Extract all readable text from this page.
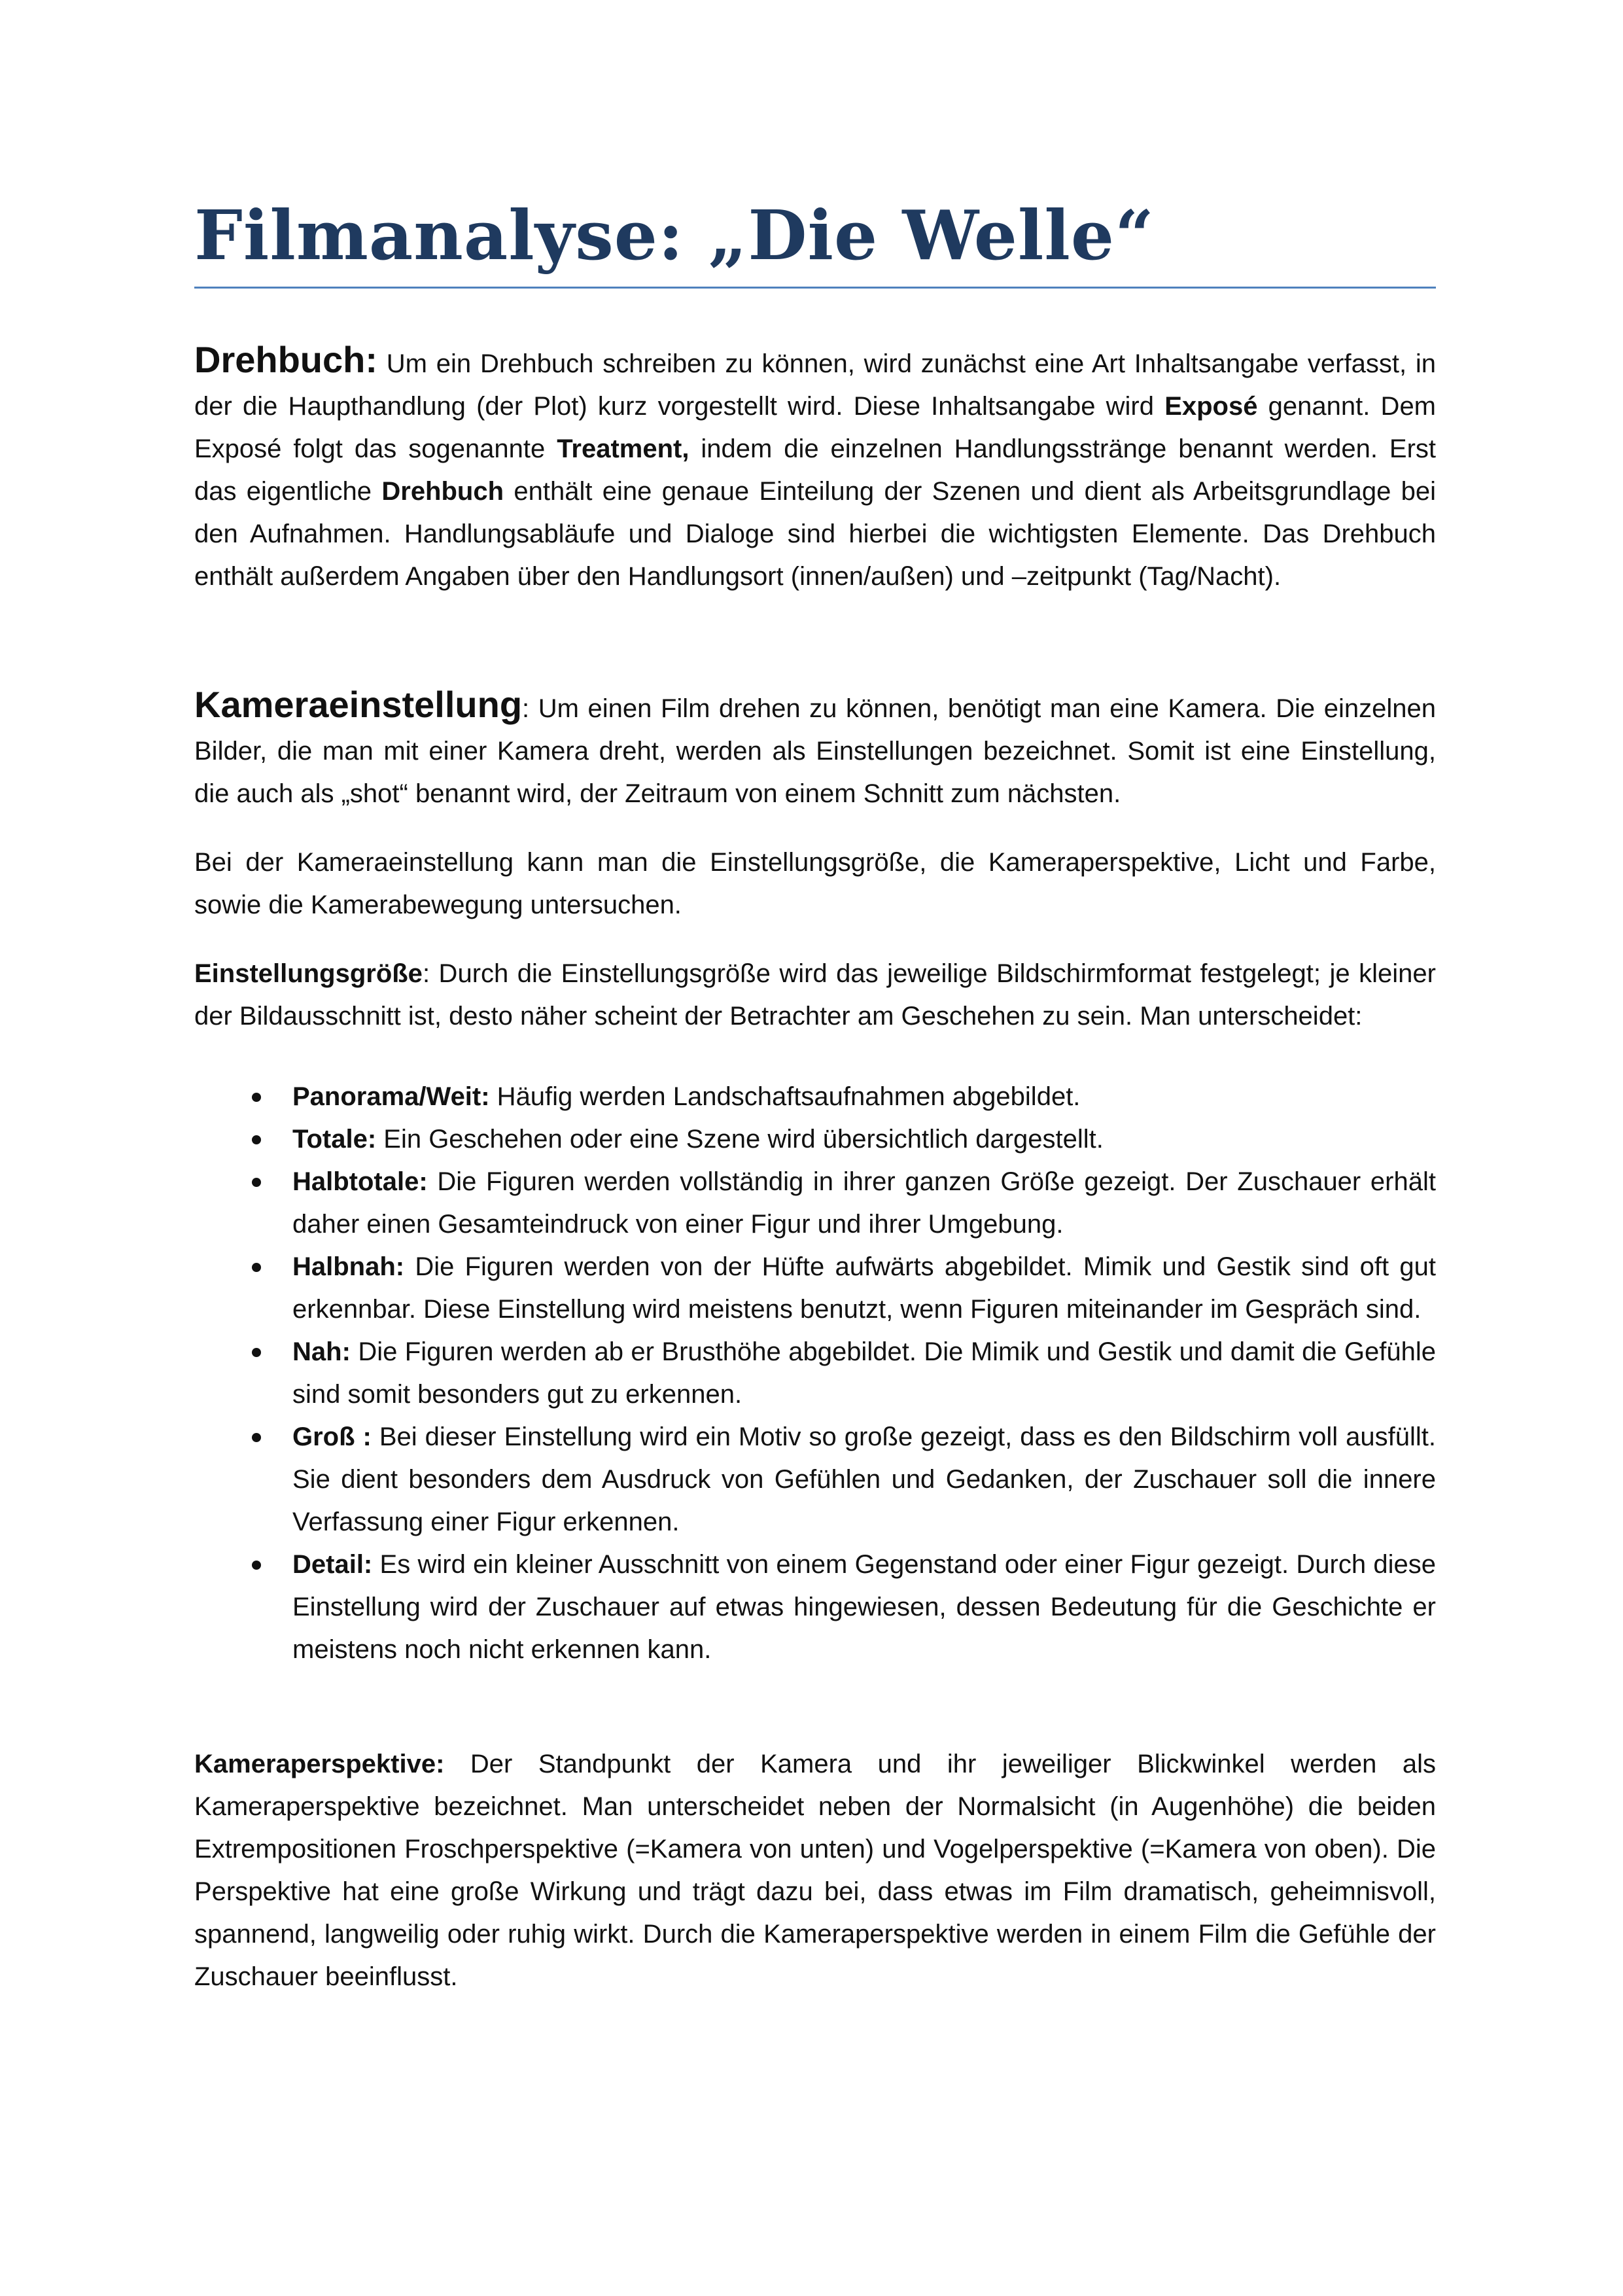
Filmanalyse: „Die Welle“

Drehbuch: Um ein Drehbuch schreiben zu können, wird zunächst eine Art Inhaltsangabe verfasst, in der die Haupthandlung (der Plot) kurz vorgestellt wird. Diese Inhaltsangabe wird Exposé genannt. Dem Exposé folgt das sogenannte Treatment, indem die einzelnen Handlungsstränge benannt werden. Erst das eigentliche Drehbuch enthält eine genaue Einteilung der Szenen und dient als Arbeitsgrundlage bei den Aufnahmen. Handlungsabläufe und Dialoge sind hierbei die wichtigsten Elemente. Das Drehbuch enthält außerdem Angaben über den Handlungsort (innen/außen) und –zeitpunkt (Tag/Nacht).

Kameraeinstellung: Um einen Film drehen zu können, benötigt man eine Kamera. Die einzelnen Bilder, die man mit einer Kamera dreht, werden als Einstellungen bezeichnet. Somit ist eine Einstellung, die auch als „shot“ benannt wird, der Zeitraum von einem Schnitt zum nächsten.

Bei der Kameraeinstellung kann man die Einstellungsgröße, die Kameraperspektive, Licht und Farbe, sowie die Kamerabewegung untersuchen.

Einstellungsgröße: Durch die Einstellungsgröße wird das jeweilige Bildschirmformat festgelegt; je kleiner der Bildausschnitt ist, desto näher scheint der Betrachter am Geschehen zu sein. Man unterscheidet:

Panorama/Weit: Häufig werden Landschaftsaufnahmen abgebildet.
Totale: Ein Geschehen oder eine Szene wird übersichtlich dargestellt.
Halbtotale: Die Figuren werden vollständig in ihrer ganzen Größe gezeigt. Der Zuschauer erhält daher einen Gesamteindruck von einer Figur und ihrer Umgebung.
Halbnah: Die Figuren werden von der Hüfte aufwärts abgebildet. Mimik und Gestik sind oft gut erkennbar. Diese Einstellung wird meistens benutzt, wenn Figuren miteinander im Gespräch sind.
Nah: Die Figuren werden ab er Brusthöhe abgebildet. Die Mimik und Gestik und damit die Gefühle sind somit besonders gut zu erkennen.
Groß : Bei dieser Einstellung wird ein Motiv so große gezeigt, dass es den Bildschirm voll ausfüllt. Sie dient besonders dem Ausdruck von Gefühlen und Gedanken, der Zuschauer soll die innere Verfassung einer Figur erkennen.
Detail: Es wird ein kleiner Ausschnitt von einem Gegenstand oder einer Figur gezeigt. Durch diese Einstellung wird der Zuschauer auf etwas hingewiesen, dessen Bedeutung für die Geschichte er meistens noch nicht erkennen kann.

Kameraperspektive: Der Standpunkt der Kamera und ihr jeweiliger Blickwinkel werden als Kameraperspektive bezeichnet. Man unterscheidet neben der Normalsicht (in Augenhöhe) die beiden Extrempositionen Froschperspektive (=Kamera von unten) und Vogelperspektive (=Kamera von oben). Die Perspektive hat eine große Wirkung und trägt dazu bei, dass etwas im Film dramatisch, geheimnisvoll, spannend, langweilig oder ruhig wirkt. Durch die Kameraperspektive werden in einem Film die Gefühle der Zuschauer beeinflusst.
